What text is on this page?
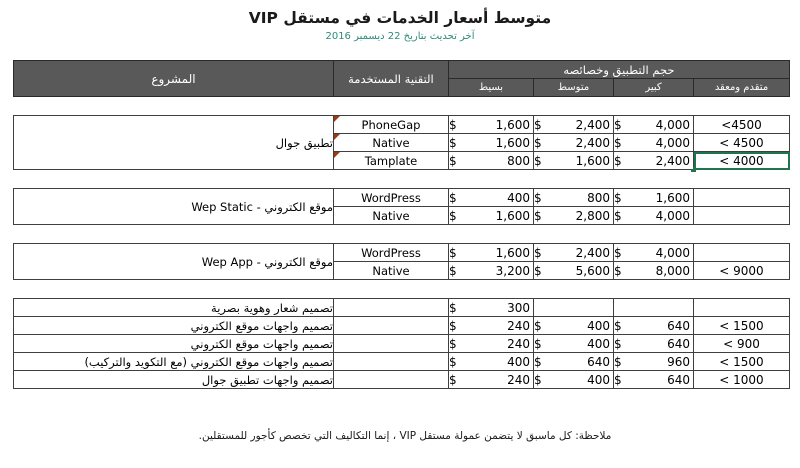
متوسط أسعار الخدمات في مستقل VIP
آخر تحديث بتاريخ 22 ديسمبر 2016
حجم التطبيق وخصائصه				التقنية المستخدمة	المشروع
متقدم ومعقد	كبير	متوسط	بسيط		
<4500	$ 4,000	$ 2,400	$ 1,600	PhoneGap	تطبيق جوال
< 4500	$ 4,000	$ 2,400	$ 1,600	Native	
< 4000	$ 2,400	$ 1,600	$ 800	Tamplate	

	$ 1,600	$ 800	$ 400	WordPress	موقع الكتروني - Wep Static

	$ 4,000	$ 2,800	$ 1,600	Native	

	$ 4,000	$ 2,400	$ 1,600	WordPress	موقع الكتروني - Wep App
< 9000	$ 8,000	$ 5,600	$ 3,200	Native	

			$ 300		تصميم شعار وهوية بصرية
< 1500	$ 640	$ 400	$ 240		تصميم واجهات موقع الكتروني
< 900	$ 640	$ 400	$ 240		تصميم واجهات موقع الكتروني
< 1500	$ 960	$ 640	$ 400		تصميم واجهات موقع الكتروني (مع التكويد والتركيب)
< 1000	$ 640	$ 400	$ 240		تصميم واجهات تطبيق جوال
ملاحظة: كل ماسبق لا يتضمن عمولة مستقل VIP ، إنما التكاليف التي تخصص كأجور للمستقلين.
